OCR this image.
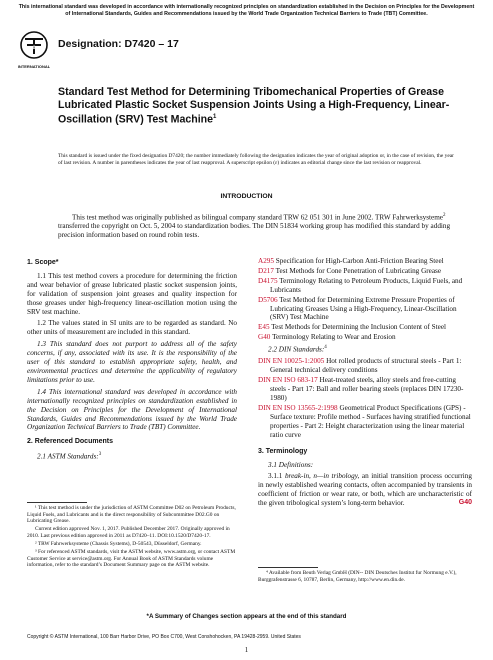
This international standard was developed in accordance with internationally recognized principles on standardization established in the Decision on Principles for the Development of International Standards, Guides and Recommendations issued by the World Trade Organization Technical Barriers to Trade (TBT) Committee.
A
INTERNATIONAL
Designation: D7420 – 17
Standard Test Method for Determining Tribomechanical Properties of Grease Lubricated Plastic Socket Suspension Joints Using a High-Frequency, Linear-Oscillation (SRV) Test Machine$^1$
This standard is issued under the fixed designation D7420; the number immediately following the designation indicates the year of original adoption or, in the case of revision, the year of last revision. A number in parentheses indicates the year of last reapproval. A superscript epsilon (ε) indicates an editorial change since the last revision or reapproval.
INTRODUCTION
This test method was originally published as bilingual company standard TRW 62 051 301 in June 2002. TRW Fahrwerksysteme$^2$ transferred the copyright on Oct. 5, 2004 to standardization bodies. The DIN 51834 working group has modified this standard by adding precision information based on round robin tests.
1. Scope*
1.1 This test method covers a procedure for determining the friction and wear behavior of grease lubricated plastic socket suspension joints, for validation of suspension joint greases and quality inspection for those greases under high-frequency linear-oscillation motion using the SRV test machine.
1.2 The values stated in SI units are to be regarded as standard. No other units of measurement are included in this standard.
1.3 This standard does not purport to address all of the safety concerns, if any, associated with its use. It is the responsibility of the user of this standard to establish appropriate safety, health, and environmental practices and determine the applicability of regulatory limitations prior to use.
1.4 This international standard was developed in accordance with internationally recognized principles on standardization established in the Decision on Principles for the Development of International Standards, Guides and Recommendations issued by the World Trade Organization Technical Barriers to Trade (TBT) Committee.
2. Referenced Documents
2.1 ASTM Standards:$^3$
A295 Specification for High-Carbon Anti-Friction Bearing Steel
D217 Test Methods for Cone Penetration of Lubricating Grease
D4175 Terminology Relating to Petroleum Products, Liquid Fuels, and Lubricants
D5706 Test Method for Determining Extreme Pressure Properties of Lubricating Greases Using a High-Frequency, Linear-Oscillation (SRV) Test Machine
E45 Test Methods for Determining the Inclusion Content of Steel
G40 Terminology Relating to Wear and Erosion
2.2 DIN Standards:$^4$
DIN EN 10025-1:2005 Hot rolled products of structural steels - Part 1: General technical delivery conditions
DIN EN ISO 683-17 Heat-treated steels, alloy steels and free-cutting steels - Part 17: Ball and roller bearing steels (replaces DIN 17230-1980)
DIN EN ISO 13565-2:1998 Geometrical Product Specifications (GPS) - Surface texture: Profile method - Surfaces having stratified functional properties - Part 2: Height characterization using the linear material ratio curve
3. Terminology
3.1 Definitions:
3.1.1 break-in, n—in tribology, an initial transition process occurring in newly established wearing contacts, often accompanied by transients in coefficient of friction or wear rate, or both, which are uncharacteristic of the given tribological system’s long-term behavior.	G40
¹ This test method is under the jurisdiction of ASTM Committee D02 on Petroleum Products, Liquid Fuels, and Lubricants and is the direct responsibility of Subcommittee D02.G0 on Lubricating Grease.
Current edition approved Nov. 1, 2017. Published December 2017. Originally approved in 2010. Last previous edition approved in 2011 as D7420–11. DOI:10.1520/D7420-17.
² TRW Fahrwerksysteme (Chassis Systems), D-50543, Düsseldorf, Germany.
³ For referenced ASTM standards, visit the ASTM website, www.astm.org, or contact ASTM Customer Service at service@astm.org. For Annual Book of ASTM Standards volume information, refer to the standard’s Document Summary page on the ASTM website.
⁴ Available from Beuth Verlag GmbH (DIN-- DIN Deutsches Institut fur Normung e.V.), Burggrafenstrasse 6, 10787, Berlin, Germany, http://www.en.din.de.
*A Summary of Changes section appears at the end of this standard
Copyright © ASTM International, 100 Barr Harbor Drive, PO Box C700, West Conshohocken, PA 19428-2959. United States
1
